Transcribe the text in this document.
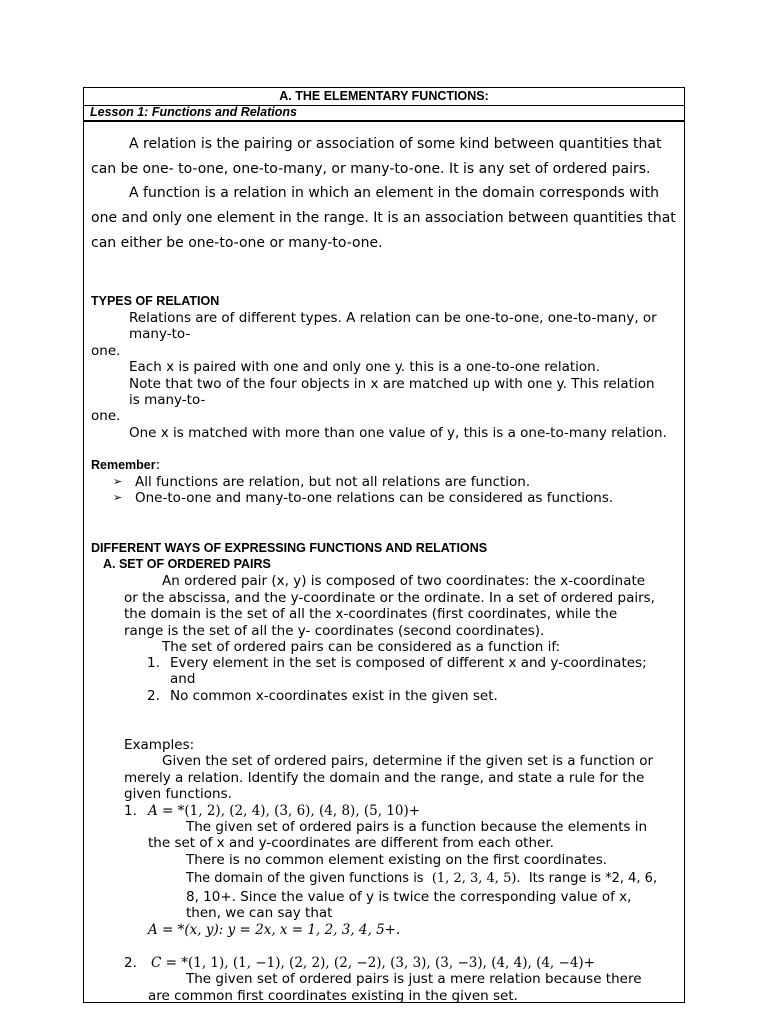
A. THE ELEMENTARY FUNCTIONS:
Lesson 1: Functions and Relations
A relation is the pairing or association of some kind between quantities that
can be one- to-one, one-to-many, or many-to-one. It is any set of ordered pairs.
A function is a relation in which an element in the domain corresponds with
one and only one element in the range. It is an association between quantities that
can either be one-to-one or many-to-one.
TYPES OF RELATION
Relations are of different types. A relation can be one-to-one, one-to-many, or
many-to-
one.
Each x is paired with one and only one y. this is a one-to-one relation.
Note that two of the four objects in x are matched up with one y. This relation
is many-to-
one.
One x is matched with more than one value of y, this is a one-to-many relation.
Remember:
➢ All functions are relation, but not all relations are function.
➢ One-to-one and many-to-one relations can be considered as functions.
DIFFERENT WAYS OF EXPRESSING FUNCTIONS AND RELATIONS
A. SET OF ORDERED PAIRS
An ordered pair (x, y) is composed of two coordinates: the x-coordinate
or the abscissa, and the y-coordinate or the ordinate. In a set of ordered pairs,
the domain is the set of all the x-coordinates (first coordinates, while the
range is the set of all the y- coordinates (second coordinates).
The set of ordered pairs can be considered as a function if:
1. Every element in the set is composed of different x and y-coordinates;
and
2. No common x-coordinates exist in the given set.
Examples:
Given the set of ordered pairs, determine if the given set is a function or
merely a relation. Identify the domain and the range, and state a rule for the
given functions.
1. A = *(1, 2), (2, 4), (3, 6), (4, 8), (5, 10)+
The given set of ordered pairs is a function because the elements in
the set of x and y-coordinates are different from each other.
There is no common element existing on the first coordinates.
The domain of the given functions is (1, 2, 3, 4, 5). Its range is *2, 4, 6,
8, 10+. Since the value of y is twice the corresponding value of x,
then, we can say that
A = *(x, y): y = 2x, x = 1, 2, 3, 4, 5+.
2. C = *(1, 1), (1, −1), (2, 2), (2, −2), (3, 3), (3, −3), (4, 4), (4, −4)+
The given set of ordered pairs is just a mere relation because there
are common first coordinates existing in the given set.
